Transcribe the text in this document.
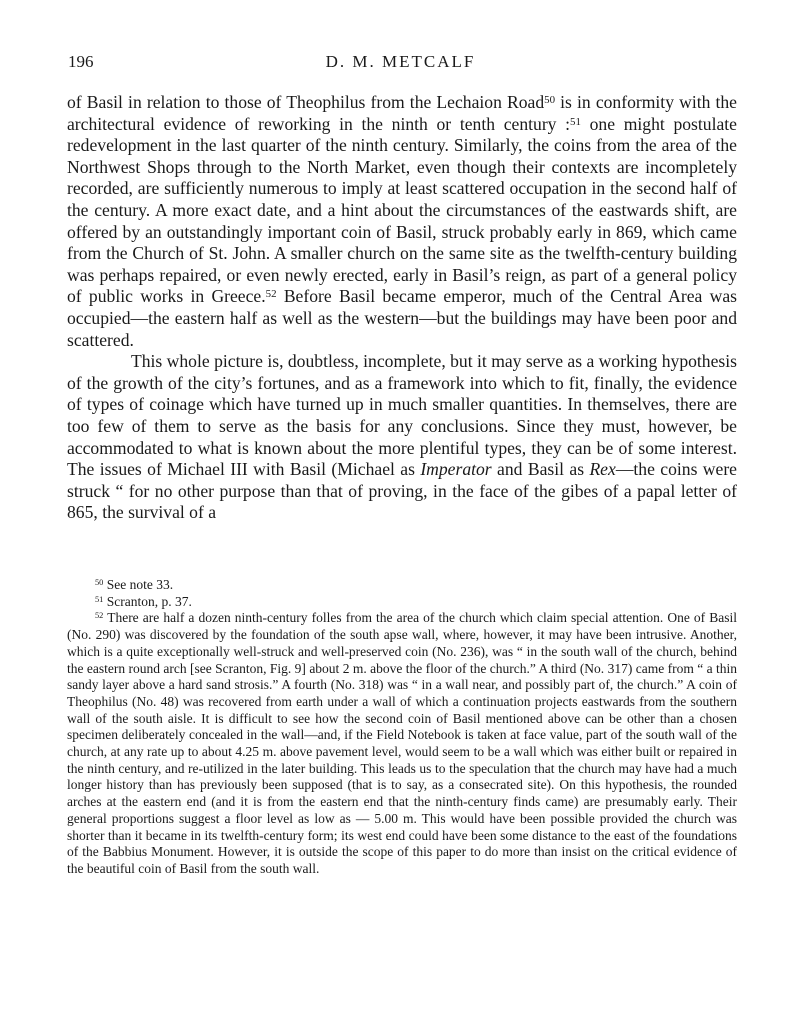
196	D. M. METCALF

of Basil in relation to those of Theophilus from the Lechaion Road$^{50}$ is in conformity with the architectural evidence of reworking in the ninth or tenth century :$^{51}$ one might postulate redevelopment in the last quarter of the ninth century. Similarly, the coins from the area of the Northwest Shops through to the North Market, even though their contexts are incompletely recorded, are sufficiently numerous to imply at least scattered occupation in the second half of the century. A more exact date, and a hint about the circumstances of the eastwards shift, are offered by an outstandingly important coin of Basil, struck probably early in 869, which came from the Church of St. John. A smaller church on the same site as the twelfth-century building was perhaps repaired, or even newly erected, early in Basil’s reign, as part of a general policy of public works in Greece.$^{52}$ Before Basil became emperor, much of the Central Area was occupied—the eastern half as well as the western—but the buildings may have been poor and scattered.

This whole picture is, doubtless, incomplete, but it may serve as a working hypothesis of the growth of the city’s fortunes, and as a framework into which to fit, finally, the evidence of types of coinage which have turned up in much smaller quantities. In themselves, there are too few of them to serve as the basis for any conclusions. Since they must, however, be accommodated to what is known about the more plentiful types, they can be of some interest. The issues of Michael III with Basil (Michael as Imperator and Basil as Rex—the coins were struck “ for no other purpose than that of proving, in the face of the gibes of a papal letter of 865, the survival of a

$^{50}$ See note 33.

$^{51}$ Scranton, p. 37.

$^{52}$ There are half a dozen ninth-century folles from the area of the church which claim special attention. One of Basil (No. 290) was discovered by the foundation of the south apse wall, where, however, it may have been intrusive. Another, which is a quite exceptionally well-struck and well-preserved coin (No. 236), was “ in the south wall of the church, behind the eastern round arch [see Scranton, Fig. 9] about 2 m. above the floor of the church.” A third (No. 317) came from “ a thin sandy layer above a hard sand strosis.” A fourth (No. 318) was “ in a wall near, and possibly part of, the church.” A coin of Theophilus (No. 48) was recovered from earth under a wall of which a continuation projects eastwards from the southern wall of the south aisle. It is difficult to see how the second coin of Basil mentioned above can be other than a chosen specimen deliberately concealed in the wall—and, if the Field Notebook is taken at face value, part of the south wall of the church, at any rate up to about 4.25 m. above pavement level, would seem to be a wall which was either built or repaired in the ninth century, and re-utilized in the later building. This leads us to the speculation that the church may have had a much longer history than has previously been supposed (that is to say, as a consecrated site). On this hypothesis, the rounded arches at the eastern end (and it is from the eastern end that the ninth-century finds came) are presumably early. Their general proportions suggest a floor level as low as — 5.00 m. This would have been possible provided the church was shorter than it became in its twelfth-century form; its west end could have been some distance to the east of the foundations of the Babbius Monument. However, it is outside the scope of this paper to do more than insist on the critical evidence of the beautiful coin of Basil from the south wall.
